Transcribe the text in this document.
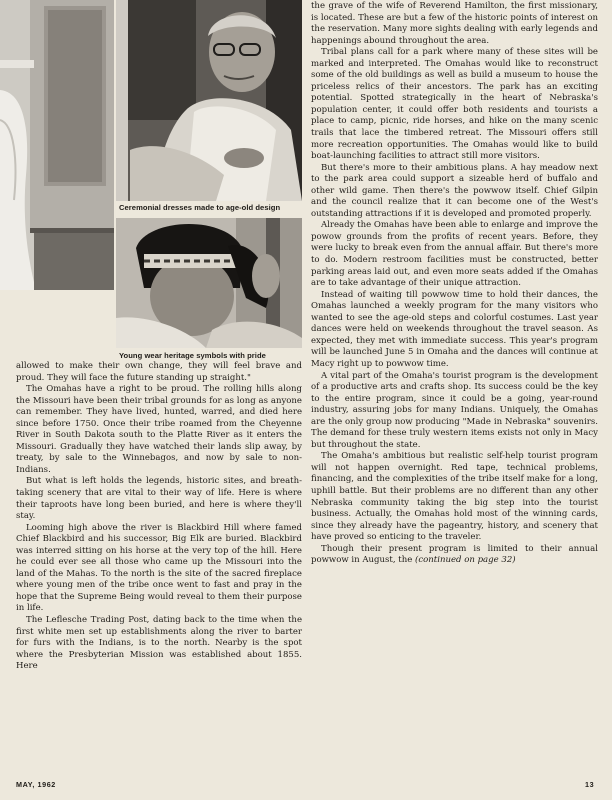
Ceremonial dresses made to age-old design
Young wear heritage symbols with pride

allowed to make their own change, they will feel brave and proud. They will face the future standing up straight."

The Omahas have a right to be proud. The rolling hills along the Missouri have been their tribal grounds for as long as anyone can remember. They have lived, hunted, warred, and died here since before 1750. Once their tribe roamed from the Cheyenne River in South Dakota south to the Platte River as it enters the Missouri. Gradually they have watched their lands slip away, by treaty, by sale to the Winnebagos, and now by sale to non-Indians.

But what is left holds the legends, historic sites, and breath-taking scenery that are vital to their way of life. Here is where their taproots have long been buried, and here is where they'll stay.

Looming high above the river is Blackbird Hill where famed Chief Blackbird and his successor, Big Elk are buried. Blackbird was interred sitting on his horse at the very top of the hill. Here he could ever see all those who came up the Missouri into the land of the Mahas. To the north is the site of the sacred fireplace where young men of the tribe once went to fast and pray in the hope that the Supreme Being would reveal to them their purpose in life.

The Leflesche Trading Post, dating back to the time when the first white men set up establishments along the river to barter for furs with the Indians, is to the north. Nearby is the spot where the Presbyterian Mission was established about 1855. Here

the grave of the wife of Reverend Hamilton, the first missionary, is located. These are but a few of the historic points of interest on the reservation. Many more sights dealing with early legends and happenings abound throughout the area.

Tribal plans call for a park where many of these sites will be marked and interpreted. The Omahas would like to reconstruct some of the old buildings as well as build a museum to house the priceless relics of their ancestors. The park has an exciting potential. Spotted strategically in the heart of Nebraska's population center, it could offer both residents and tourists a place to camp, picnic, ride horses, and hike on the many scenic trails that lace the timbered retreat. The Missouri offers still more recreation opportunities. The Omahas would like to build boat-launching facilities to attract still more visitors.

But there's more to their ambitious plans. A hay meadow next to the park area could support a sizeable herd of buffalo and other wild game. Then there's the powwow itself. Chief Gilpin and the council realize that it can become one of the West's outstanding attractions if it is developed and promoted properly.

Already the Omahas have been able to enlarge and improve the powow grounds from the profits of recent years. Before, they were lucky to break even from the annual affair. But there's more to do. Modern restroom facilities must be constructed, better parking areas laid out, and even more seats added if the Omahas are to take advantage of their unique attraction.

Instead of waiting till powwow time to hold their dances, the Omahas launched a weekly program for the many visitors who wanted to see the age-old steps and colorful costumes. Last year dances were held on weekends throughout the travel season. As expected, they met with immediate success. This year's program will be launched June 5 in Omaha and the dances will continue at Macy right up to powwow time.

A vital part of the Omaha's tourist program is the development of a productive arts and crafts shop. Its success could be the key to the entire program, since it could be a going, year-round industry, assuring jobs for many Indians. Uniquely, the Omahas are the only group now producing "Made in Nebraska" souvenirs. The demand for these truly western items exists not only in Macy but throughout the state.

The Omaha's ambitious but realistic self-help tourist program will not happen overnight. Red tape, technical problems, financing, and the complexities of the tribe itself make for a long, uphill battle. But their problems are no different than any other Nebraska community taking the big step into the tourist business. Actually, the Omahas hold most of the winning cards, since they already have the pageantry, history, and scenery that have proved so enticing to the traveler.

Though their present program is limited to their annual powwow in August, the (continued on page 32)

MAY, 1962	13
